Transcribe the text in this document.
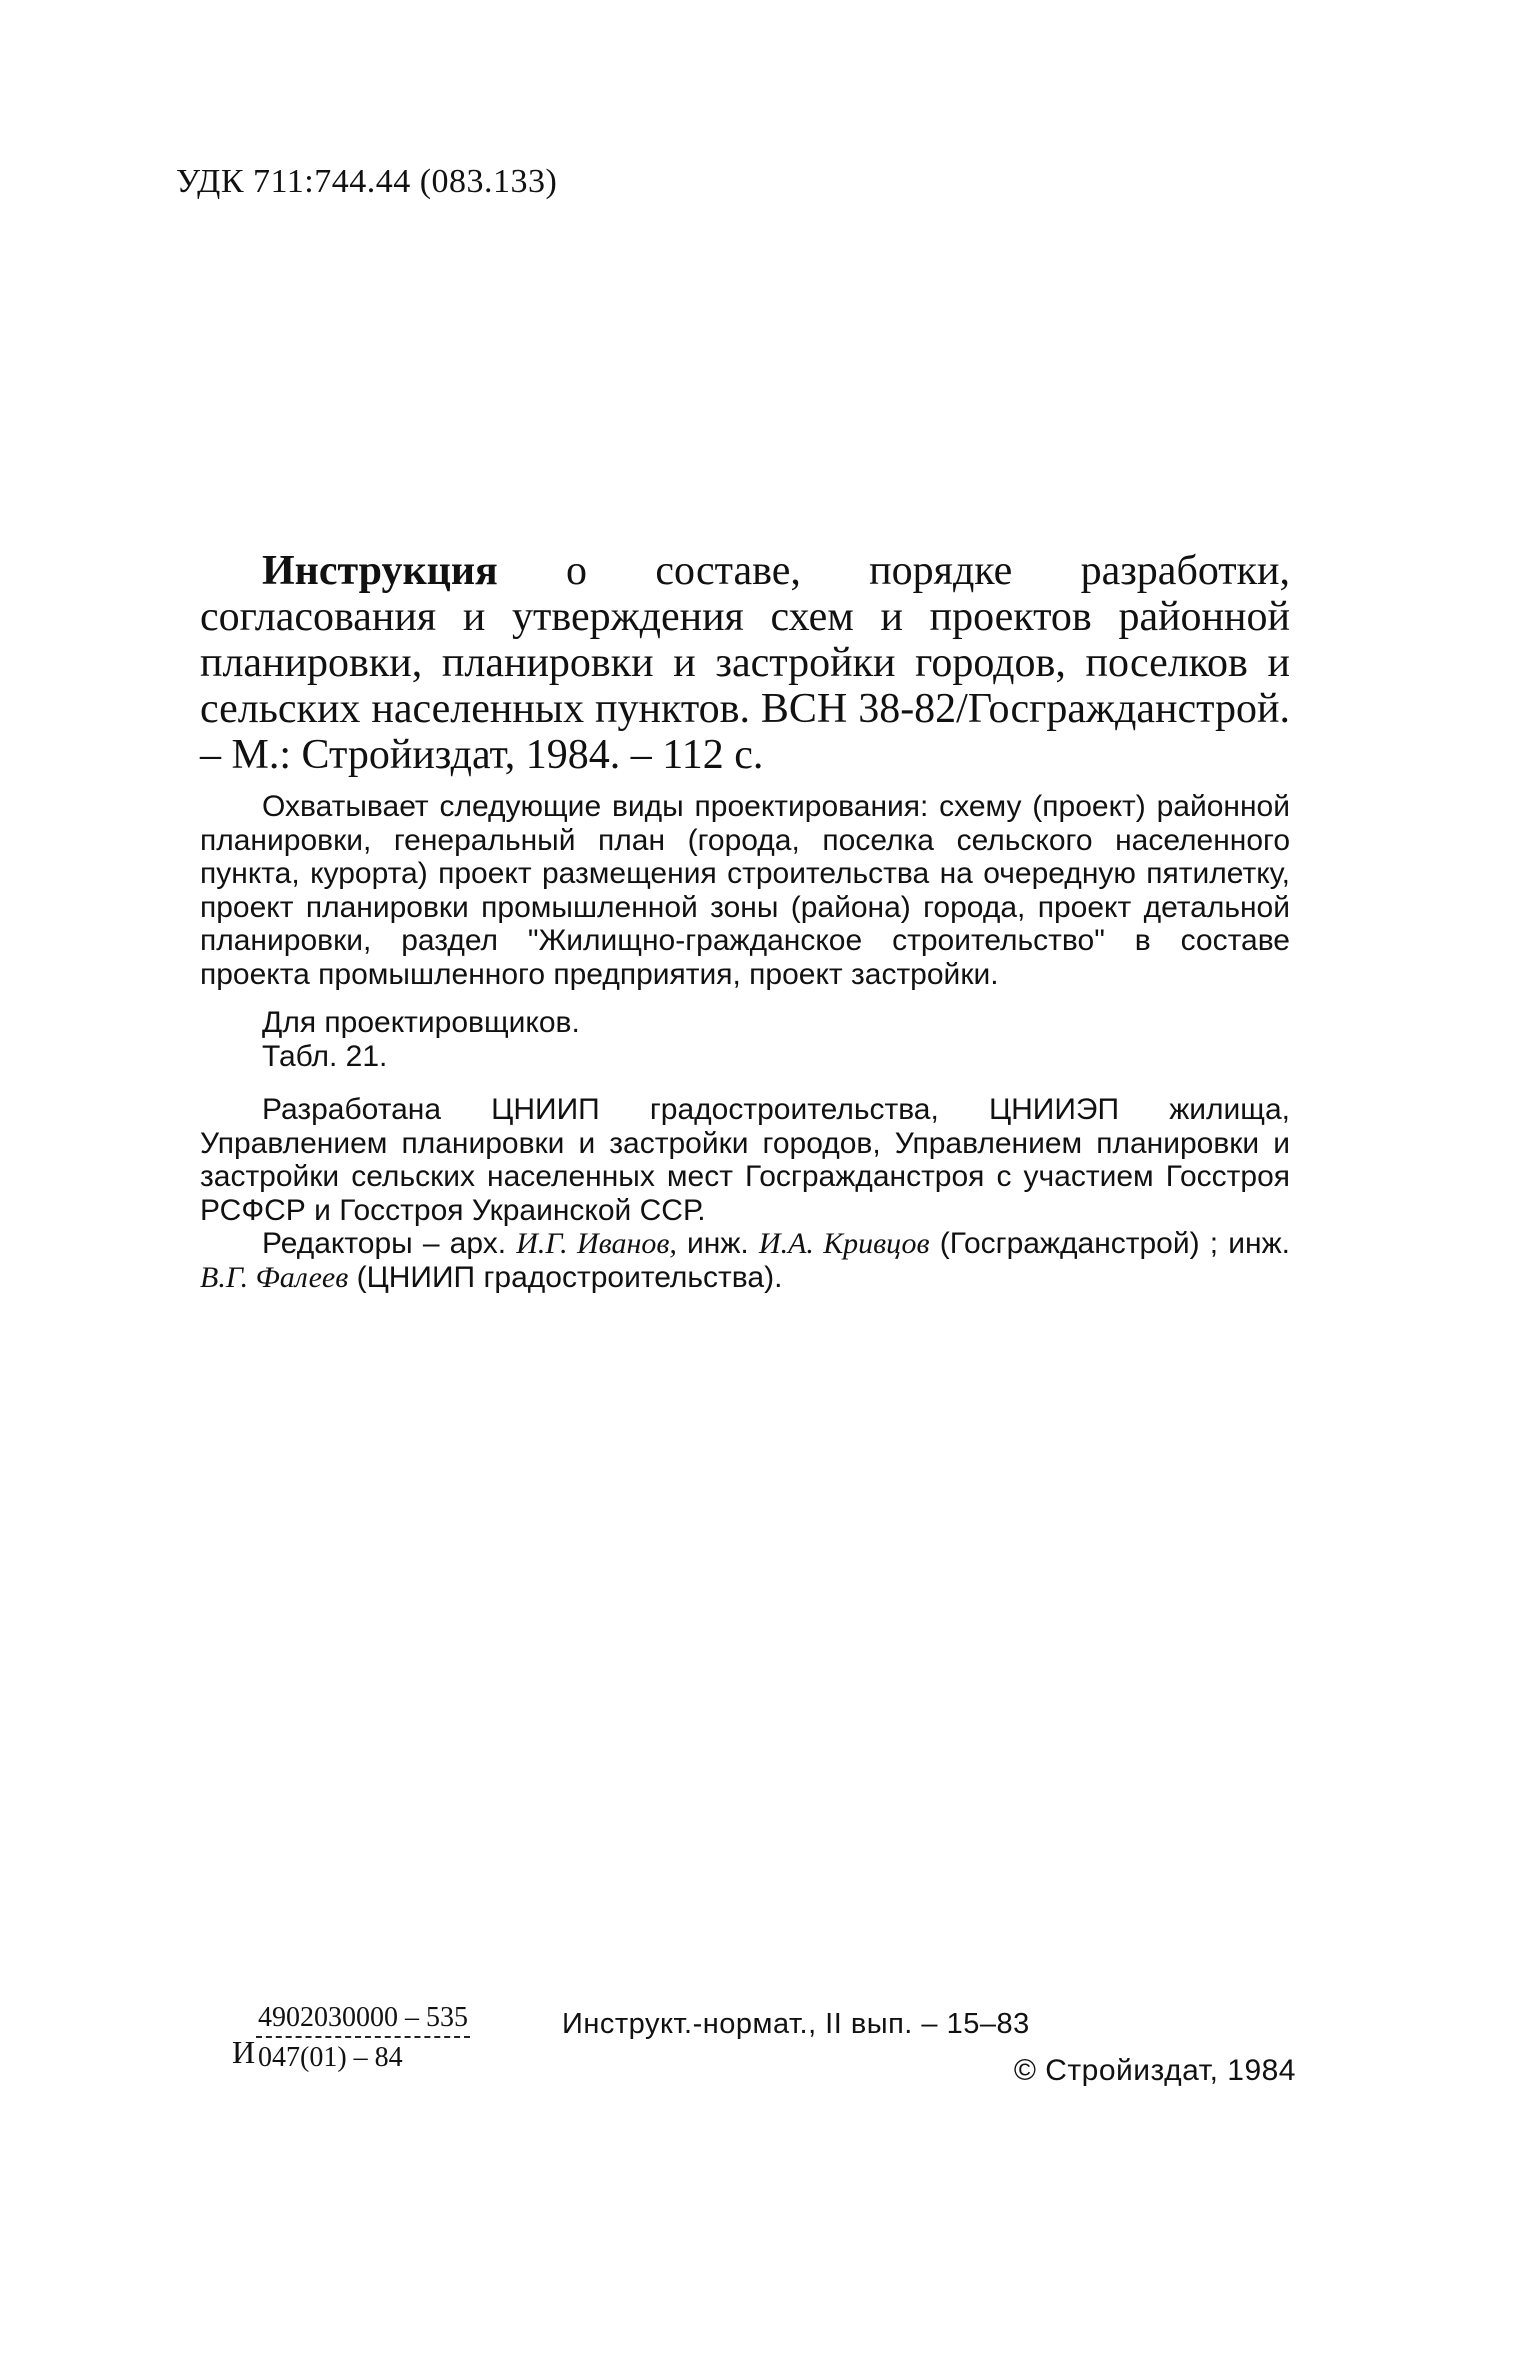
УДК 711:744.44 (083.133)

Инструкция о составе, порядке разработки, согласования и утверждения схем и проектов районной планировки, планировки и застройки городов, поселков и сельских населенных пунктов. ВСН 38-82/Госгражданстрой. – М.: Стройиздат, 1984. – 112 с.

Охватывает следующие виды проектирования: схему (проект) районной планировки, генеральный план (города, поселка сельского населенного пункта, курорта) проект размещения строительства на очередную пятилетку, проект планировки промышленной зоны (района) города, проект детальной планировки, раздел "Жилищно-гражданское строительство" в составе проекта промышленного предприятия, проект застройки.

Для проектировщиков.

Табл. 21.

Разработана ЦНИИП градостроительства, ЦНИИЭП жилища, Управлением планировки и застройки городов, Управлением планировки и застройки сельских населенных мест Госгражданстроя с участием Госстроя РСФСР и Госстроя Украинской ССР.

Редакторы – арх. И.Г. Иванов, инж. И.А. Кривцов (Госгражданстрой) ; инж. В.Г. Фалеев (ЦНИИП градостроительства).

И $\frac{4902030000 - 535}{047(01) - 84}$	Инструкт.-нормат., II вып. – 15–83
© Стройиздат, 1984
